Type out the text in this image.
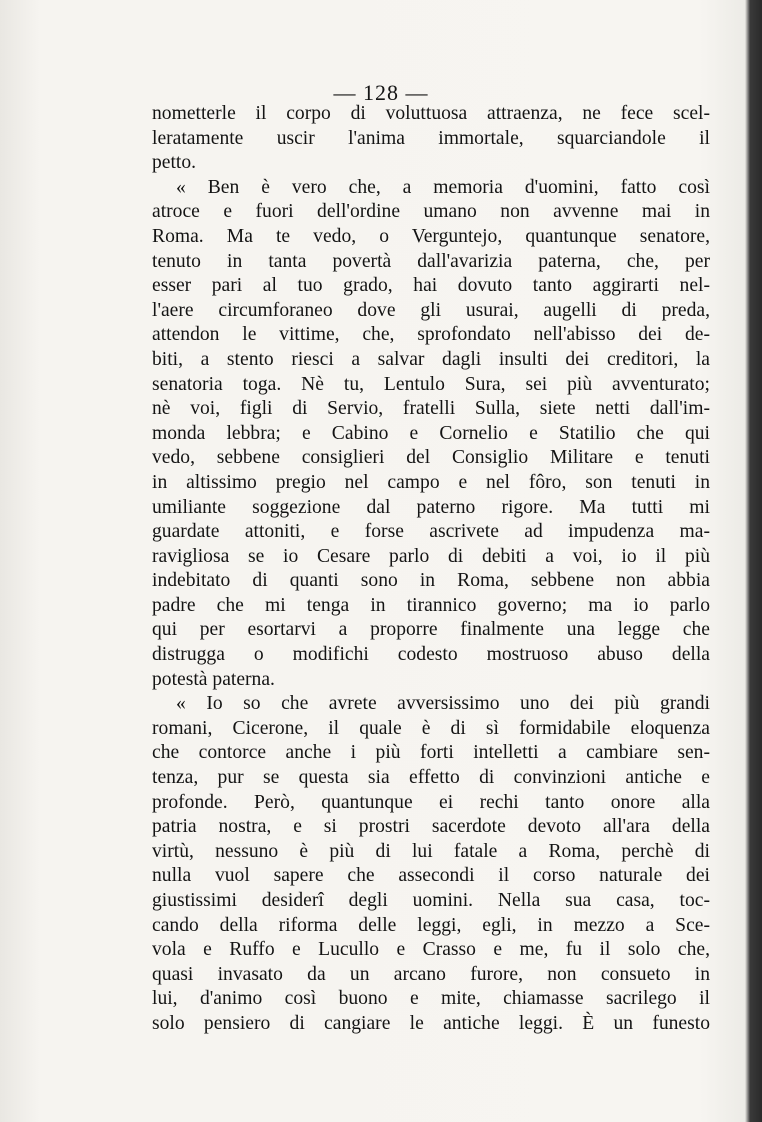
— 128 —
nometterle il corpo di voluttuosa attraenza, ne fece scel-
leratamente uscir l'anima immortale, squarciandole il
petto.
« Ben è vero che, a memoria d'uomini, fatto così
atroce e fuori dell'ordine umano non avvenne mai in
Roma. Ma te vedo, o Verguntejo, quantunque senatore,
tenuto in tanta povertà dall'avarizia paterna, che, per
esser pari al tuo grado, hai dovuto tanto aggirarti nel-
l'aere circumforaneo dove gli usurai, augelli di preda,
attendon le vittime, che, sprofondato nell'abisso dei de-
biti, a stento riesci a salvar dagli insulti dei creditori, la
senatoria toga. Nè tu, Lentulo Sura, sei più avventurato;
nè voi, figli di Servio, fratelli Sulla, siete netti dall'im-
monda lebbra; e Cabino e Cornelio e Statilio che qui
vedo, sebbene consiglieri del Consiglio Militare e tenuti
in altissimo pregio nel campo e nel fôro, son tenuti in
umiliante soggezione dal paterno rigore. Ma tutti mi
guardate attoniti, e forse ascrivete ad impudenza ma-
ravigliosa se io Cesare parlo di debiti a voi, io il più
indebitato di quanti sono in Roma, sebbene non abbia
padre che mi tenga in tirannico governo; ma io parlo
qui per esortarvi a proporre finalmente una legge che
distrugga o modifichi codesto mostruoso abuso della
potestà paterna.
« Io so che avrete avversissimo uno dei più grandi
romani, Cicerone, il quale è di sì formidabile eloquenza
che contorce anche i più forti intelletti a cambiare sen-
tenza, pur se questa sia effetto di convinzioni antiche e
profonde. Però, quantunque ei rechi tanto onore alla
patria nostra, e si prostri sacerdote devoto all'ara della
virtù, nessuno è più di lui fatale a Roma, perchè di
nulla vuol sapere che assecondi il corso naturale dei
giustissimi desiderî degli uomini. Nella sua casa, toc-
cando della riforma delle leggi, egli, in mezzo a Sce-
vola e Ruffo e Lucullo e Crasso e me, fu il solo che,
quasi invasato da un arcano furore, non consueto in
lui, d'animo così buono e mite, chiamasse sacrilego il
solo pensiero di cangiare le antiche leggi. È un funesto
